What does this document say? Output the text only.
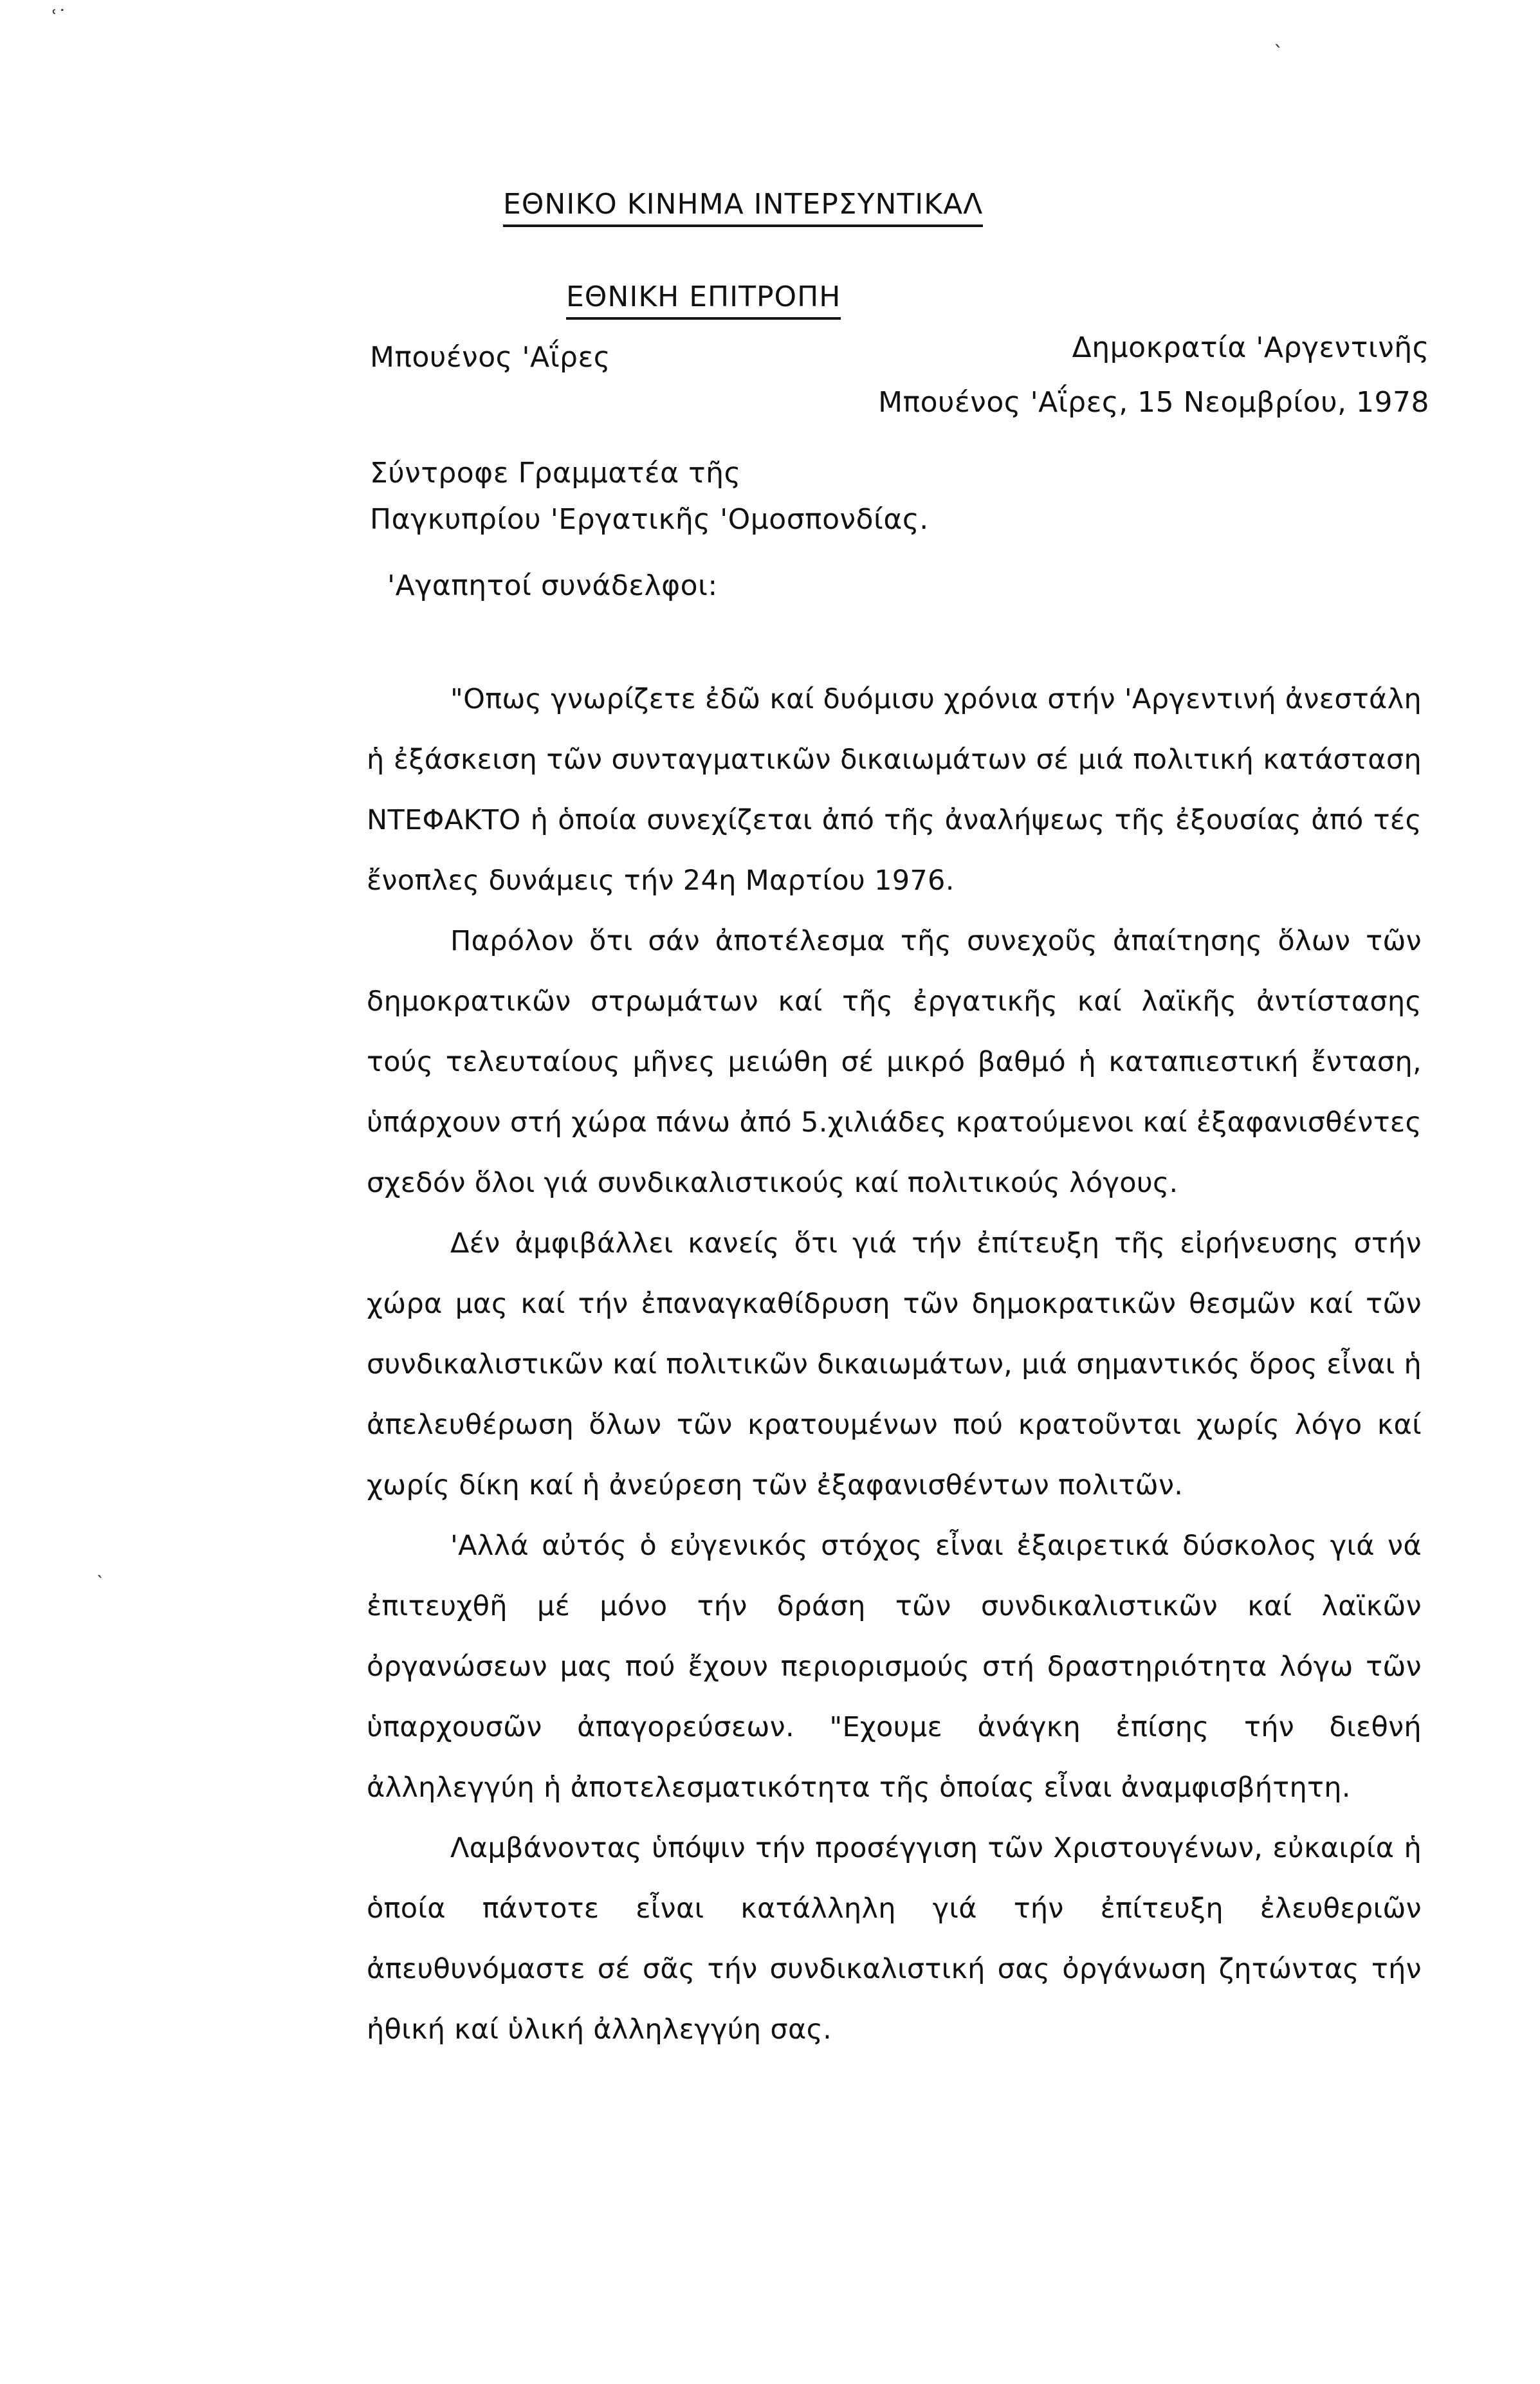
ΕΘΝΙΚΟ ΚΙΝΗΜΑ ΙΝΤΕΡΣΥΝΤΙΚΑΛ
ΕΘΝΙΚΗ ΕΠΙΤΡΟΠΗ
Μπουένος 'Αΐρες	Δημοκρατία 'Αργεντινῆς
Μπουένος 'Αΐρες, 15 Νεομβρίου, 1978
Σύντροφε Γραμματέα τῆς
Παγκυπρίου 'Εργατικῆς 'Ομοσπονδίας.
'Αγαπητοί συνάδελφοι:

"Οπως γνωρίζετε ἐδῶ καί δυόμισυ χρόνια στήν 'Αργεντινή ἀνεστάλη ἡ ἐξάσκειση τῶν συνταγματικῶν δικαιωμάτων σέ μιά πολιτική κατάσταση ΝΤΕΦΑΚΤΟ ἡ ὁποία συνεχίζεται ἀπό τῆς ἀναλήψεως τῆς ἐξουσίας ἀπό τές ἔνοπλες δυνάμεις τήν 24η Μαρτίου 1976.

Παρόλον ὅτι σάν ἀποτέλεσμα τῆς συνεχοῦς ἀπαίτησης ὅλων τῶν δημοκρατικῶν στρωμάτων καί τῆς ἐργατικῆς καί λαϊκῆς ἀντίστασης τούς τελευταίους μῆνες μειώθη σέ μικρό βαθμό ἡ καταπιεστική ἔνταση, ὑπάρχουν στή χώρα πάνω ἀπό 5.χιλιάδες κρατούμενοι καί ἐξαφανισθέντες σχεδόν ὅλοι γιά συνδικαλιστικούς καί πολιτικούς λόγους.

Δέν ἀμφιβάλλει κανείς ὅτι γιά τήν ἐπίτευξη τῆς εἰρήνευσης στήν χώρα μας καί τήν ἐπαναγκαθίδρυση τῶν δημοκρατικῶν θεσμῶν καί τῶν συνδικαλιστικῶν καί πολιτικῶν δικαιωμάτων, μιά σημαντικός ὅρος εἶναι ἡ ἀπελευθέρωση ὅλων τῶν κρατουμένων πού κρατοῦνται χωρίς λόγο καί χωρίς δίκη καί ἡ ἀνεύρεση τῶν ἐξαφανισθέντων πολιτῶν.

'Αλλά αὐτός ὁ εὐγενικός στόχος εἶναι ἐξαιρετικά δύσκολος γιά νά ἐπιτευχθῆ μέ μόνο τήν δράση τῶν συνδικαλιστικῶν καί λαϊκῶν ὀργανώσεων μας πού ἔχουν περιορισμούς στή δραστηριότητα λόγω τῶν ὑπαρχουσῶν ἀπαγορεύσεων. "Εχουμε ἀνάγκη ἐπίσης τήν διεθνή ἀλληλεγγύη ἡ ἀποτελεσματικότητα τῆς ὁποίας εἶναι ἀναμφισβήτητη.

Λαμβάνοντας ὑπόψιν τήν προσέγγιση τῶν Χριστουγένων, εὐκαιρία ἡ ὁποία πάντοτε εἶναι κατάλληλη γιά τήν ἐπίτευξη ἐλευθεριῶν ἀπευθυνόμαστε σέ σᾶς τήν συνδικαλιστική σας ὀργάνωση ζητώντας τήν ἠθική καί ὑλική ἀλληλεγγύη σας.

ʿ˙
ˎ
˴
